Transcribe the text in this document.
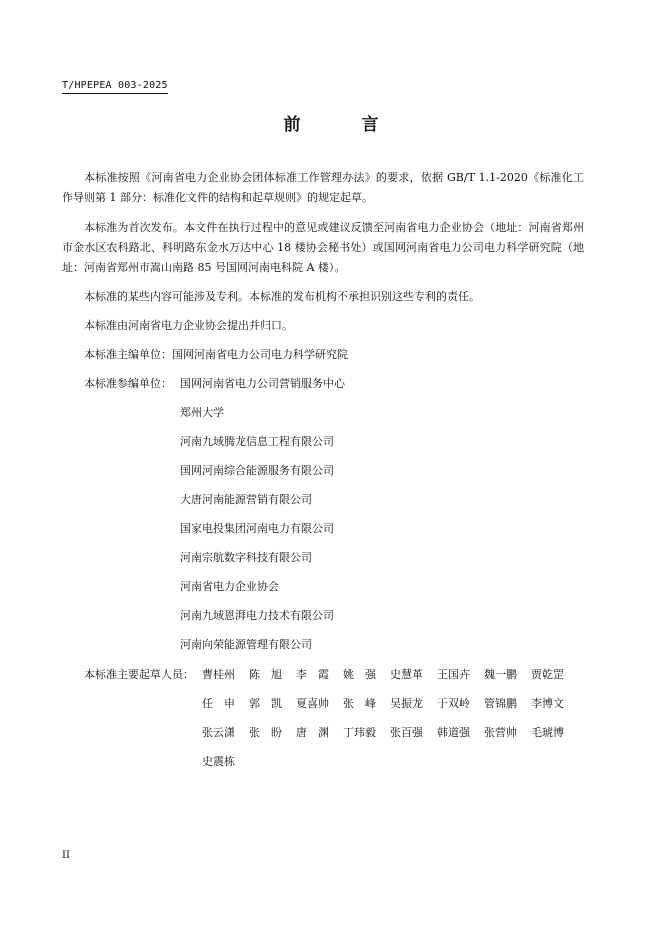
T/HPEPEA 003-2025
前　言
本标准按照《河南省电力企业协会团体标准工作管理办法》的要求，依据 GB/T 1.1-2020《标准化工作导则第 1 部分：标准化文件的结构和起草规则》的规定起草。
本标准为首次发布。本文件在执行过程中的意见或建议反馈至河南省电力企业协会（地址：河南省郑州市金水区农科路北、科明路东金水万达中心 18 楼协会秘书处）或国网河南省电力公司电力科学研究院（地址：河南省郑州市嵩山南路 85 号国网河南电科院 A 楼）。
本标准的某些内容可能涉及专利。本标准的发布机构不承担识别这些专利的责任。
本标准由河南省电力企业协会提出并归口。
本标准主编单位：国网河南省电力公司电力科学研究院
本标准参编单位： 国网河南省电力公司营销服务中心
郑州大学
河南九域腾龙信息工程有限公司
国网河南综合能源服务有限公司
大唐河南能源营销有限公司
国家电投集团河南电力有限公司
河南宗航数字科技有限公司
河南省电力企业协会
河南九域恩湃电力技术有限公司
河南向荣能源管理有限公司
本标准主要起草人员： 曹桂州	陈　旭	李　霞	姚　强	史慧革	王国卉	魏一鹏	贾乾罡
任　申	郭　凯	夏喜帅	张　峰	吴振龙	于双岭	管锦鹏	李博文
张云潇	张　盼	唐　渊	丁玮毅	张百强	韩道强	张营帅	毛琥博
史震栋
II
